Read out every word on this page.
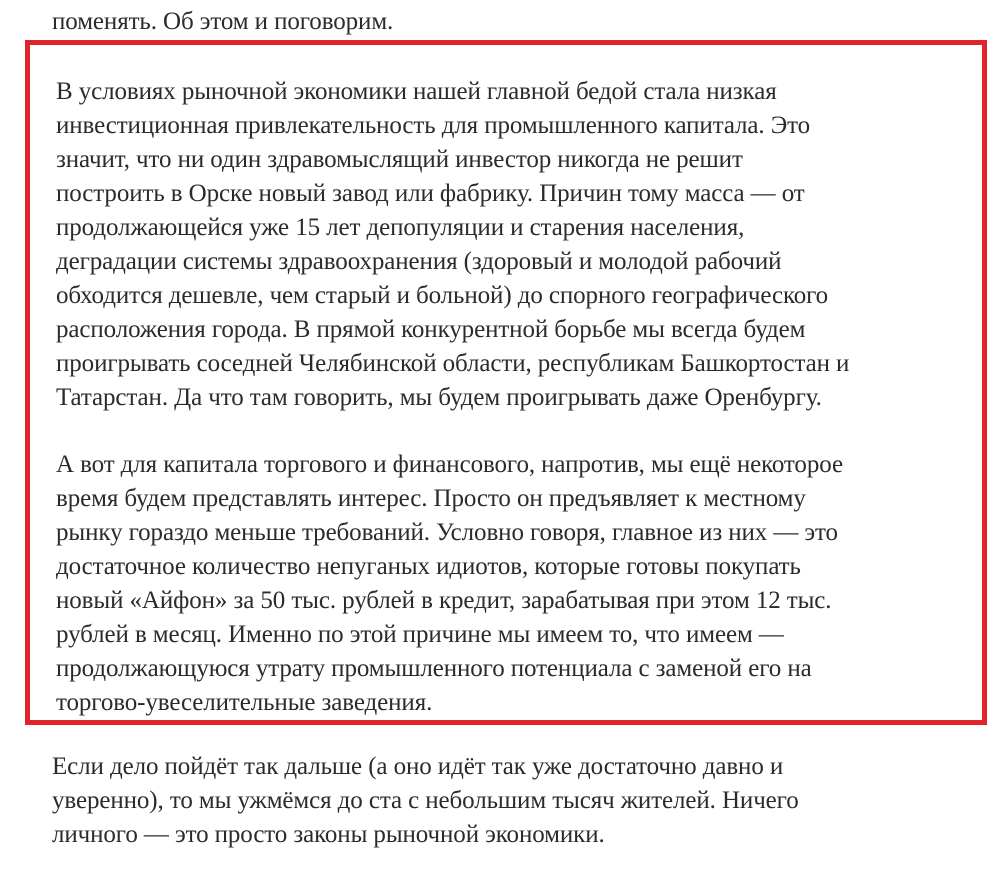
поменять. Об этом и поговорим.
В условиях рыночной экономики нашей главной бедой стала низкая
инвестиционная привлекательность для промышленного капитала. Это
значит, что ни один здравомыслящий инвестор никогда не решит
построить в Орске новый завод или фабрику. Причин тому масса — от
продолжающейся уже 15 лет депопуляции и старения населения,
деградации системы здравоохранения (здоровый и молодой рабочий
обходится дешевле, чем старый и больной) до спорного географического
расположения города. В прямой конкурентной борьбе мы всегда будем
проигрывать соседней Челябинской области, республикам Башкортостан и
Татарстан. Да что там говорить, мы будем проигрывать даже Оренбургу.
А вот для капитала торгового и финансового, напротив, мы ещё некоторое
время будем представлять интерес. Просто он предъявляет к местному
рынку гораздо меньше требований. Условно говоря, главное из них — это
достаточное количество непуганых идиотов, которые готовы покупать
новый «Айфон» за 50 тыс. рублей в кредит, зарабатывая при этом 12 тыс.
рублей в месяц. Именно по этой причине мы имеем то, что имеем —
продолжающуюся утрату промышленного потенциала с заменой его на
торгово-увеселительные заведения.
Если дело пойдёт так дальше (а оно идёт так уже достаточно давно и
уверенно), то мы ужмёмся до ста с небольшим тысяч жителей. Ничего
личного — это просто законы рыночной экономики.
